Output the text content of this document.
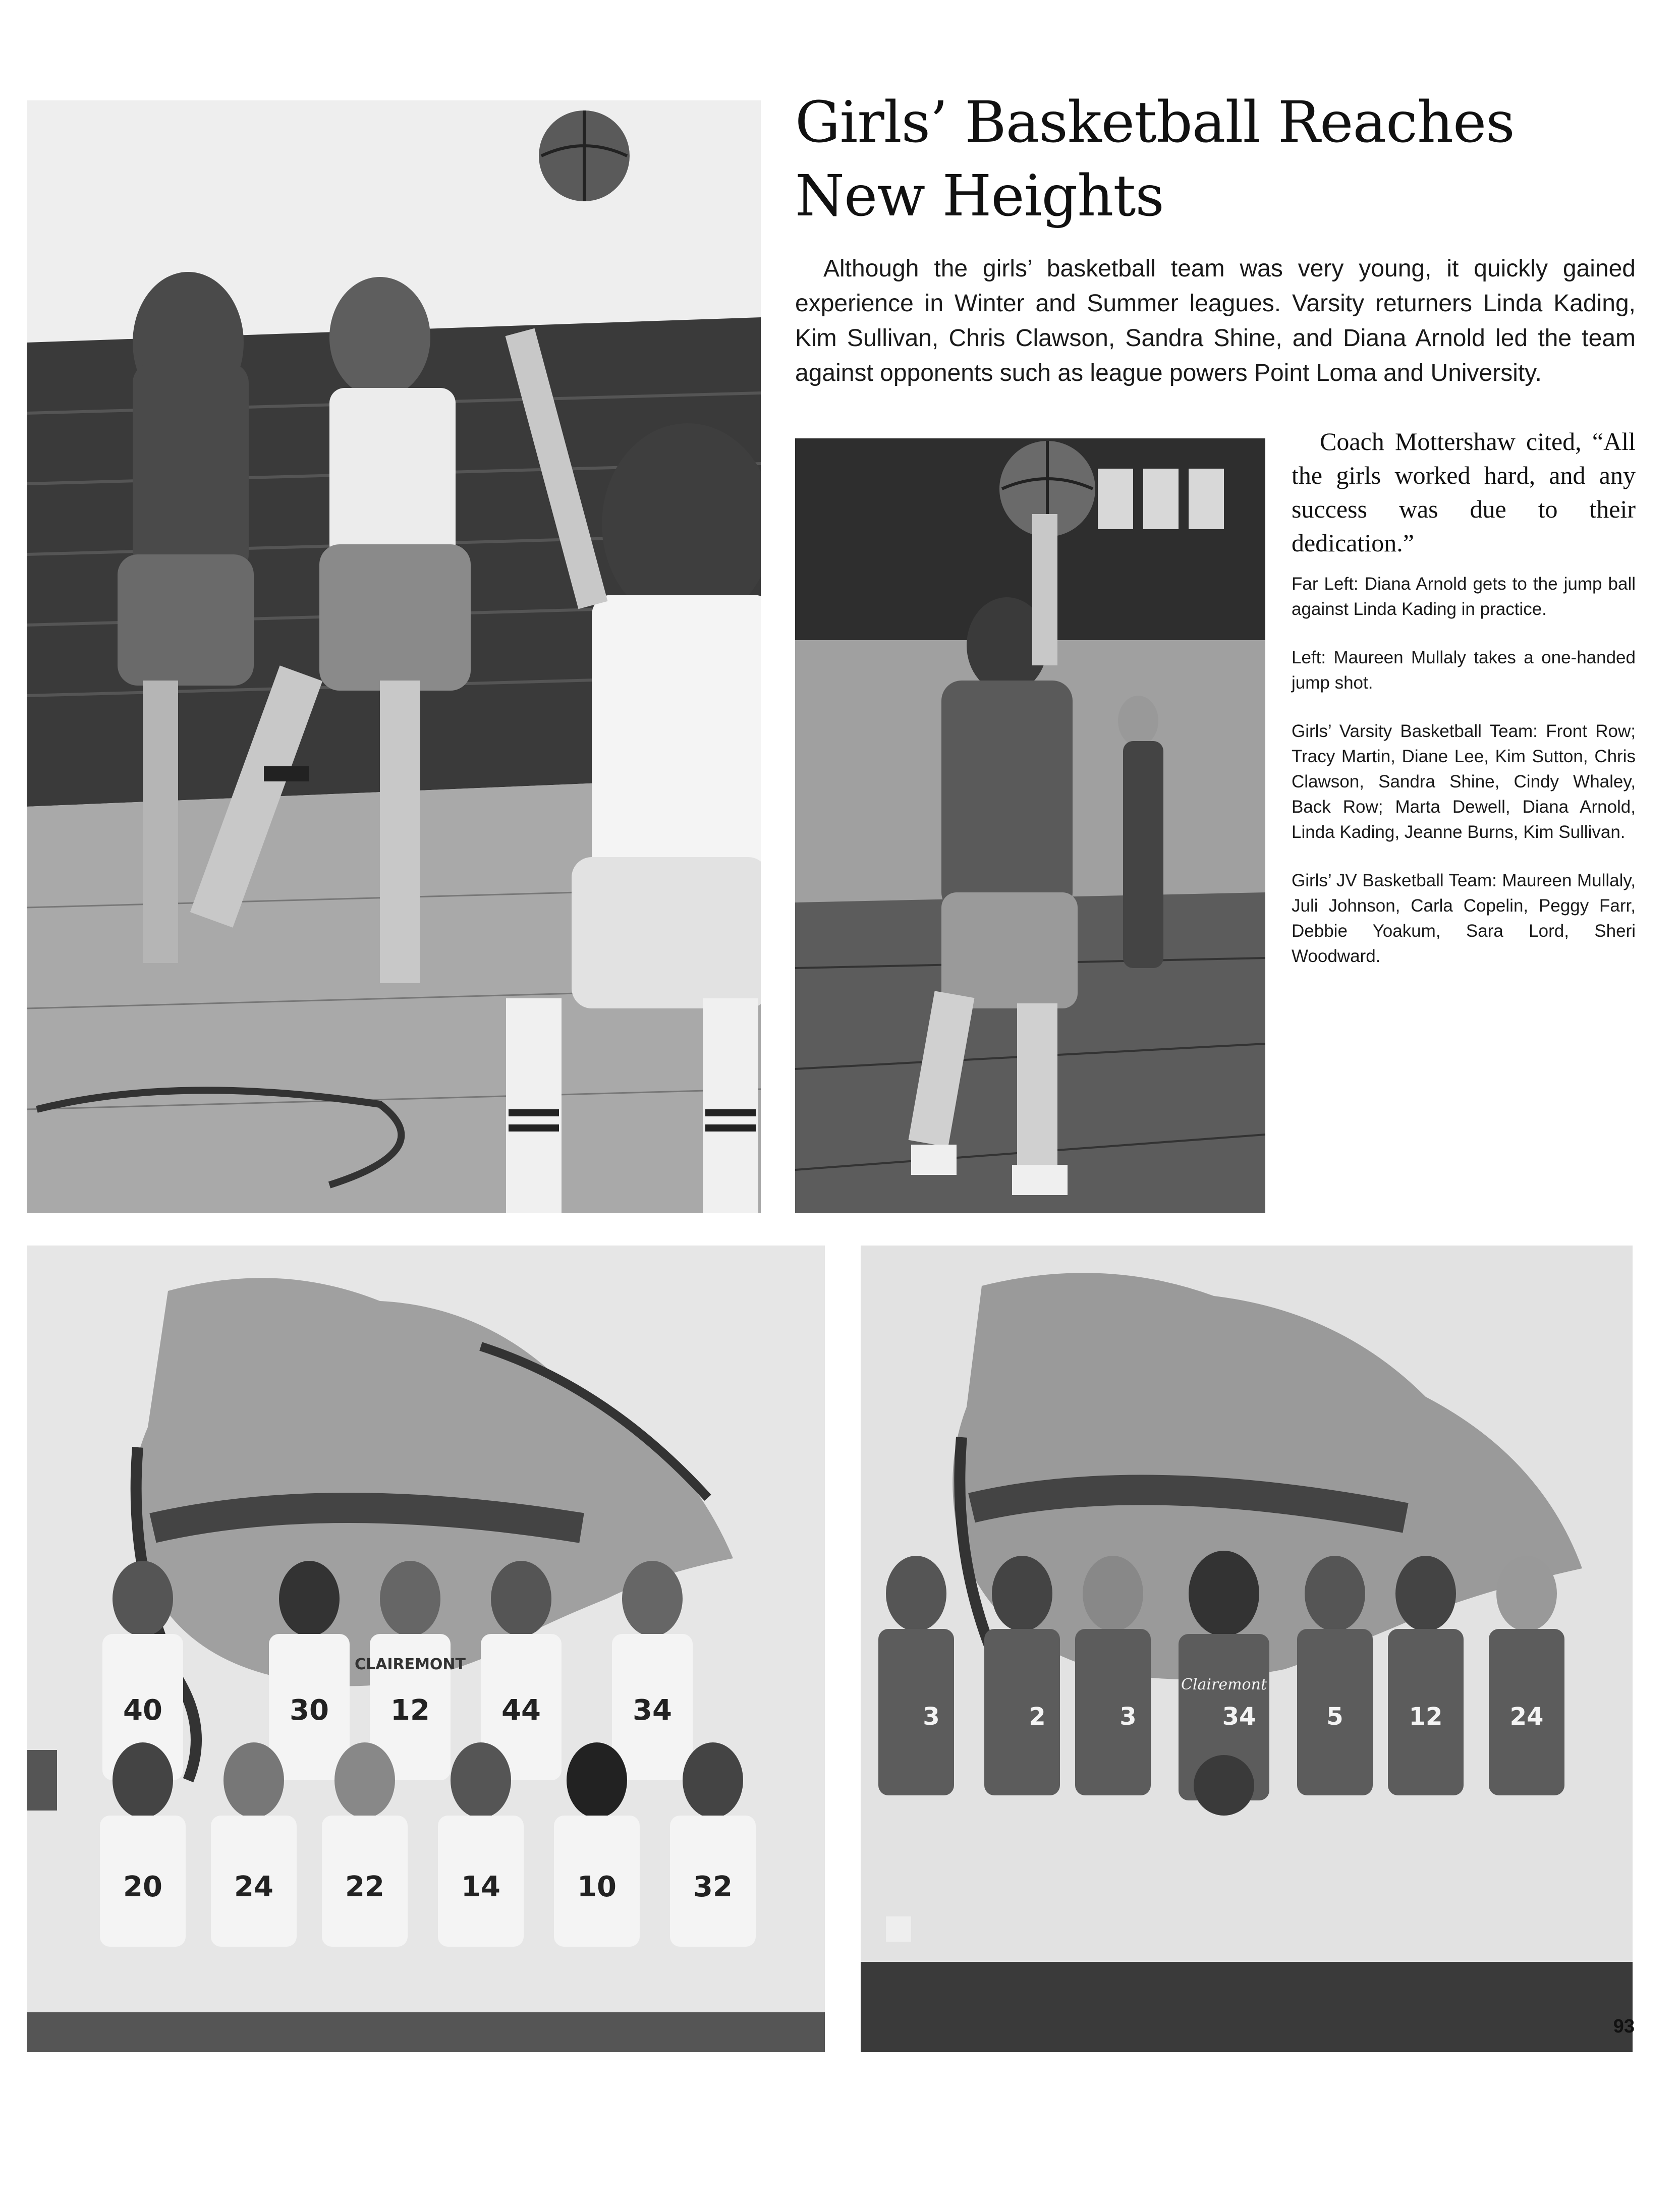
Girls’ Basketball Reaches New Heights

Although the girls’ basketball team was very young, it quickly gained experience in Winter and Summer leagues. Varsity returners Linda Kading, Kim Sullivan, Chris Clawson, Sandra Shine, and Diana Arnold led the team against opponents such as league powers Point Loma and University.

Coach Mottershaw cited, “All the girls worked hard, and any success was due to their dedication.”

Far Left: Diana Arnold gets to the jump ball against Linda Kading in practice.

Left: Maureen Mullaly takes a one-handed jump shot.

Girls’ Varsity Basketball Team: Front Row; Tracy Martin, Diane Lee, Kim Sutton, Chris Clawson, Sandra Shine, Cindy Whaley, Back Row; Marta Dewell, Diana Arnold, Linda Kading, Jeanne Burns, Kim Sullivan.

Girls’ JV Basketball Team: Maureen Mullaly, Juli Johnson, Carla Copelin, Peggy Farr, Debbie Yoakum, Sara Lord, Sheri Woodward.

40	30 12	44	34
20	24	22	14	10	32
CLAIREMONT
3	2	3	34	5	12	24
Clairemont
93
